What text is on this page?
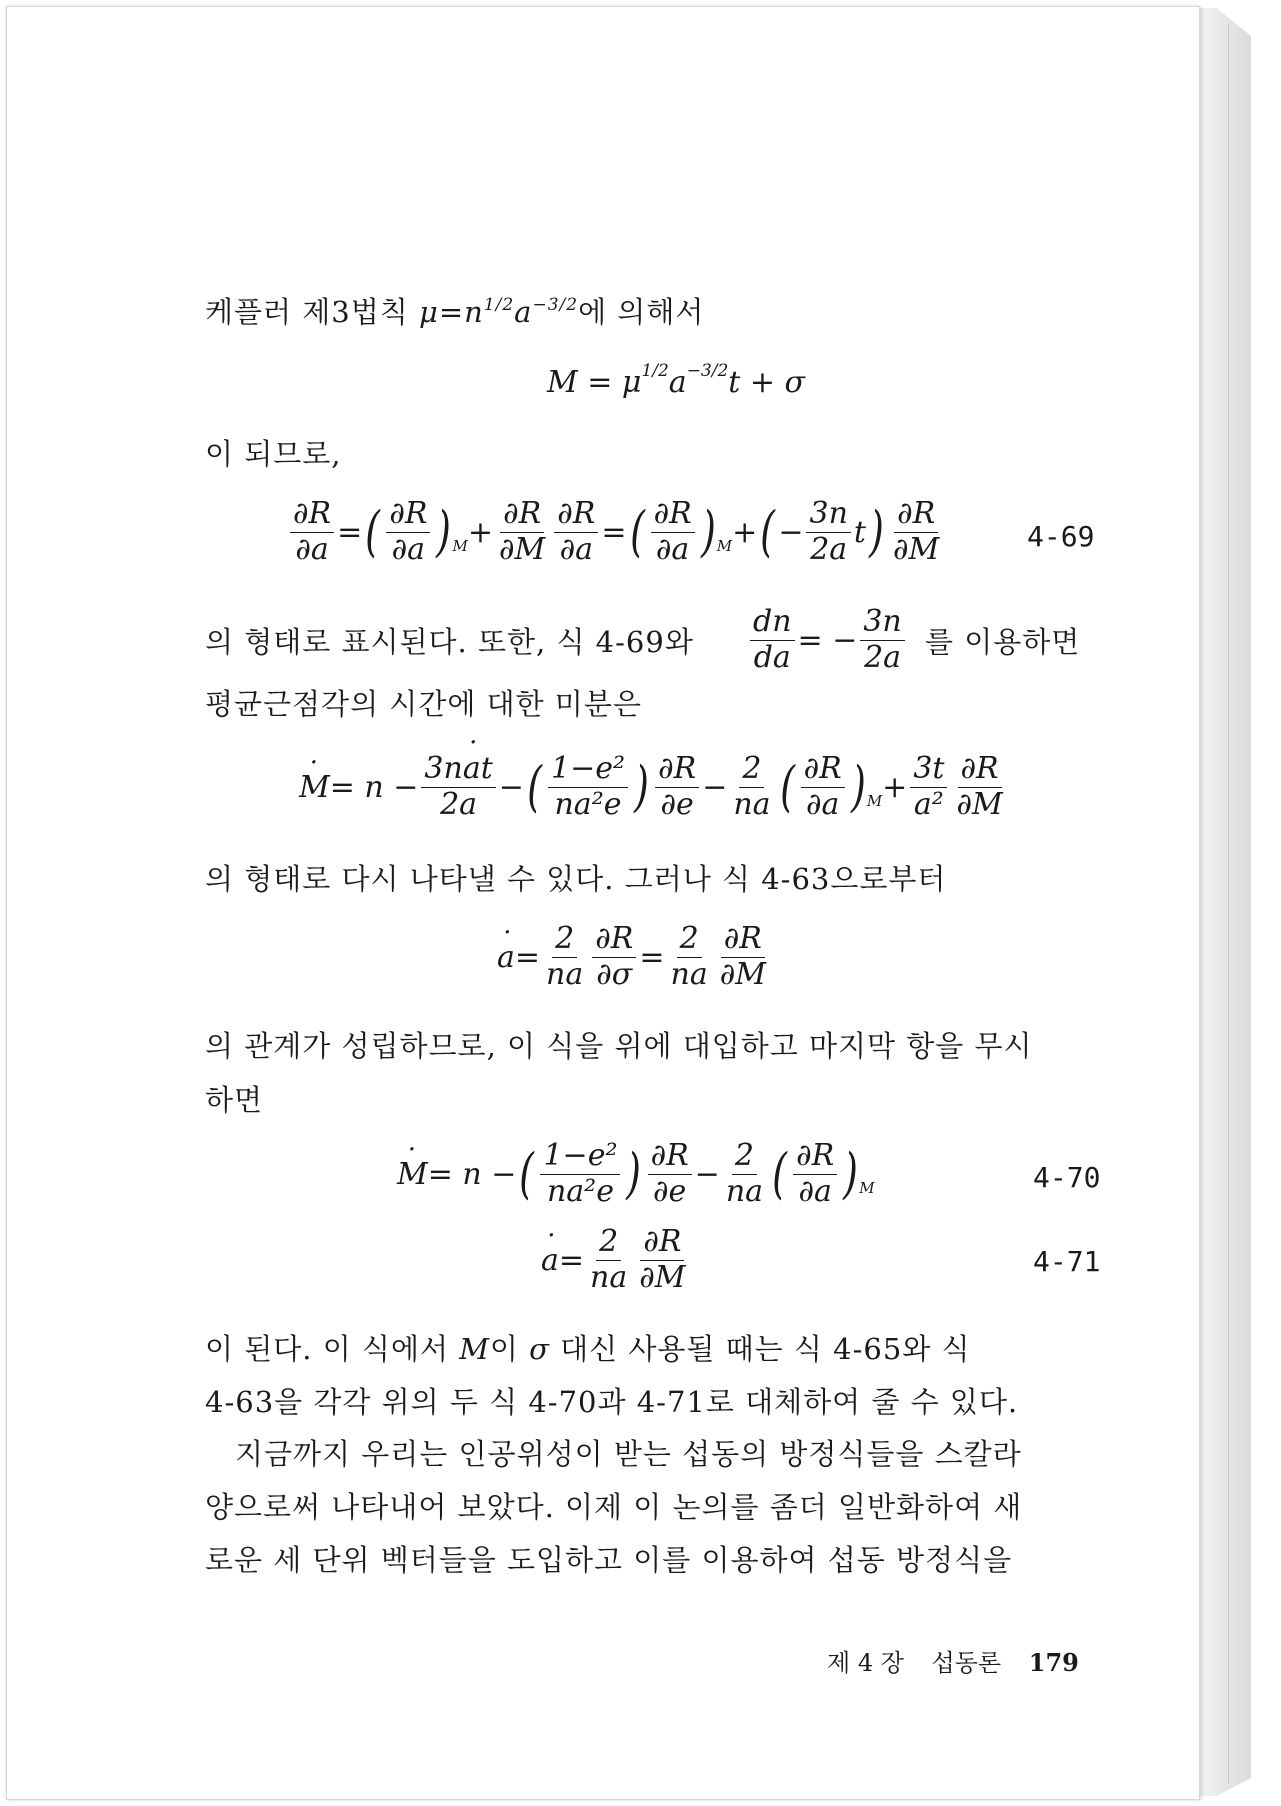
케플러 제3법칙 $\mu=n^{1/2}a^{-3/2}$에 의해서
M = μ 1/2 a −3/2 t + σ
이 되므로,
$\frac{\partial R}{\partial a}$ = ( $\frac{\partial R}{\partial a}$ ) $M + \frac{\partial R}{\partial M} \frac{\partial R}{\partial a}$ = ( $\frac{\partial R}{\partial a}$ ) M + ( − $\frac{3n}{2a}$ t ) $\frac{\partial R}{\partial M}$	4-69
의 형태로 표시된다. 또한, 식 4-69와 $\frac{dn}{da}$ = − $\frac{3n}{2a}$ 를 이용하면
평균근점각의 시간에 대한 미분은
M · = $n - \frac{3na \cdot t}{2a}$ − ( $\frac{\text{1−e²}}{\text{na²e}}$ ) $\frac{\partial R}{\partial e} - \frac{2}{na}$ ( $\frac{\partial R}{\partial a}$ ) $M + \frac{3t}{\text{a²}} \frac{\partial R}{\partial M}$
의 형태로 다시 나타낼 수 있다. 그러나 식 4-63으로부터
a · = $\frac{2}{na} \frac{\partial R}{\partial\sigma} = \frac{2}{na} \frac{\partial R}{\partial M}$
의 관계가 성립하므로, 이 식을 위에 대입하고 마지막 항을 무시
하면
M · = n − ( $\frac{\text{1−e²}}{\text{na²e}}$ ) $\frac{\partial R}{\partial e} - \frac{2}{na}$ ( $\frac{\partial R}{\partial a}$ ) M	4-70
a · = $\frac{2}{na} \frac{\partial R}{\partial M}$	4-71
이 된다. 이 식에서 M이 σ 대신 사용될 때는 식 4-65와 식
4-63을 각각 위의 두 식 4-70과 4-71로 대체하여 줄 수 있다.
지금까지 우리는 인공위성이 받는 섭동의 방정식들을 스칼라
양으로써 나타내어 보았다. 이제 이 논의를 좀더 일반화하여 새
로운 세 단위 벡터들을 도입하고 이를 이용하여 섭동 방정식을
제 4 장 섭동론 179
